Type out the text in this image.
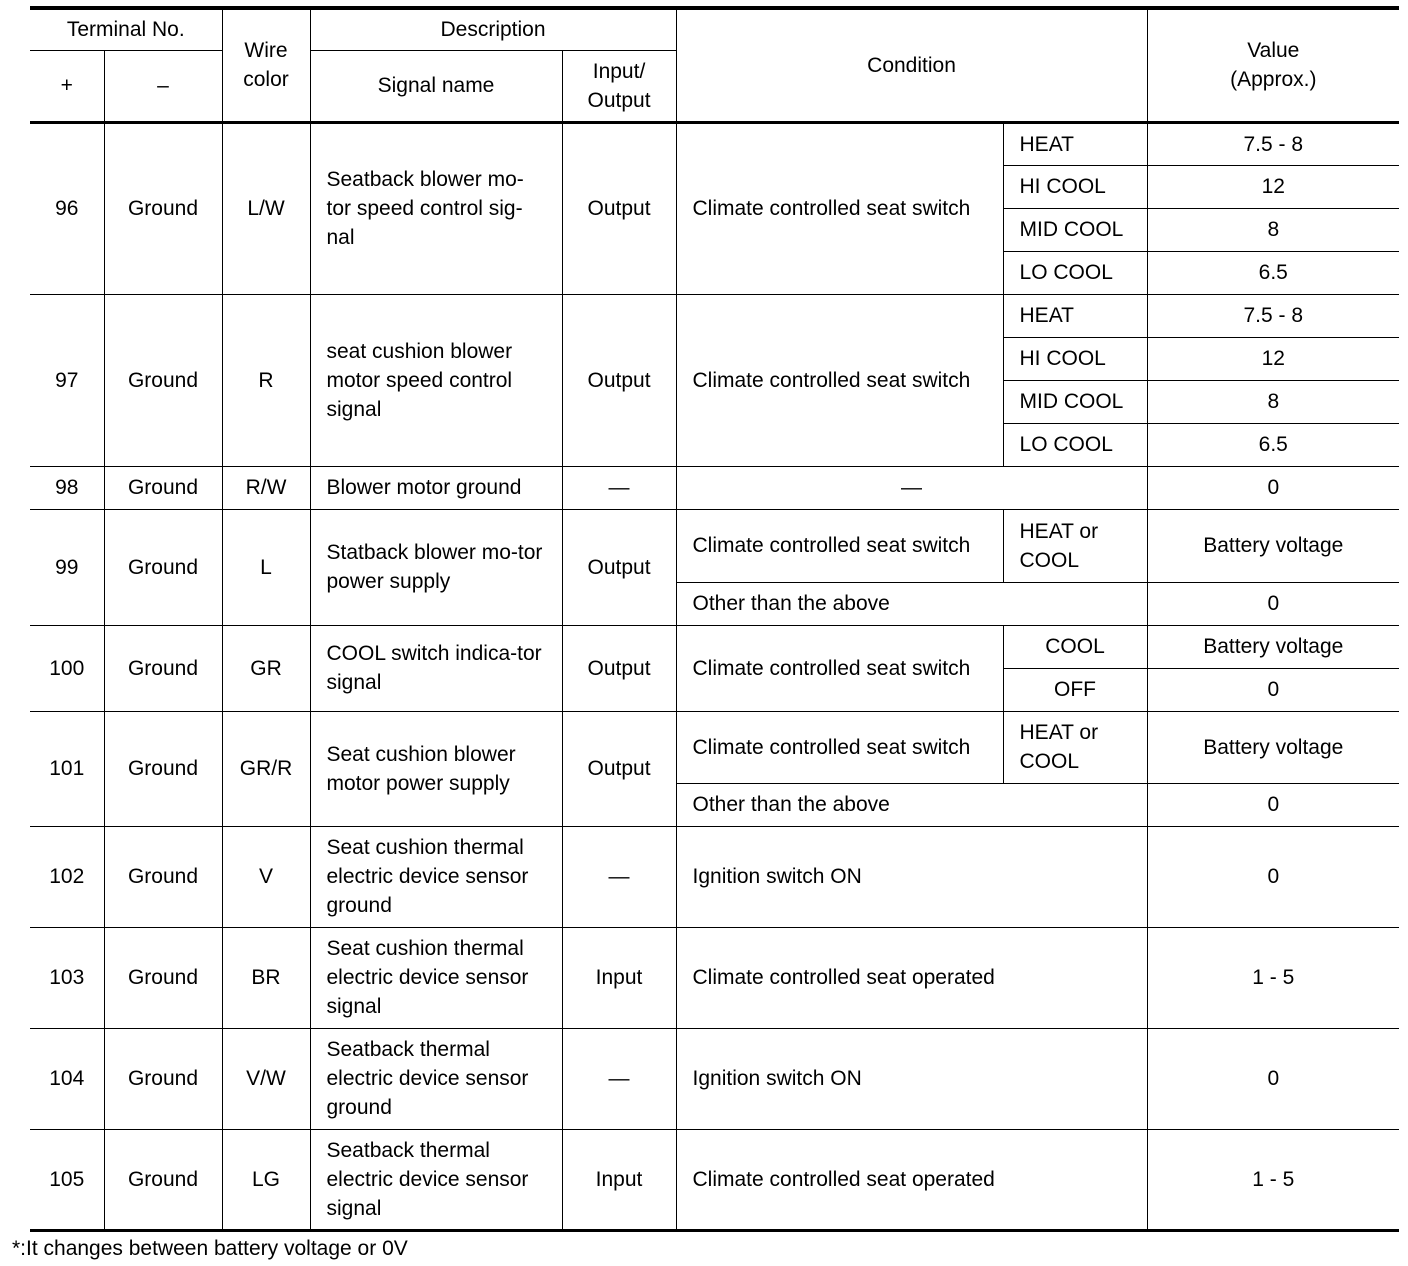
Terminal No.		Wire color	Description		Condition		Value (Approx.)
+	–		Signal name	Input/ Output			
96	Ground	L/W	Seatback blower mo-tor speed control sig-nal	Output	Climate controlled seat switch	HEAT	7.5 - 8
						HI COOL	12
						MID COOL	8
						LO COOL	6.5
97	Ground	R	seat cushion blower motor speed control signal	Output	Climate controlled seat switch	HEAT	7.5 - 8
						HI COOL	12
						MID COOL	8
						LO COOL	6.5
98	Ground	R/W	Blower motor ground	—	—		0
99	Ground	L	Statback blower mo-tor power supply	Output	Climate controlled seat switch	HEAT or COOL	Battery voltage
					Other than the above		0
100	Ground	GR	COOL switch indica-tor signal	Output	Climate controlled seat switch	COOL	Battery voltage
						OFF	0
101	Ground	GR/R	Seat cushion blower motor power supply	Output	Climate controlled seat switch	HEAT or COOL	Battery voltage
					Other than the above		0
102	Ground	V	Seat cushion thermal electric device sensor ground	—	Ignition switch ON		0
103	Ground	BR	Seat cushion thermal electric device sensor signal	Input	Climate controlled seat operated		1 - 5
104	Ground	V/W	Seatback thermal electric device sensor ground	—	Ignition switch ON		0
105	Ground	LG	Seatback thermal electric device sensor signal	Input	Climate controlled seat operated		1 - 5
*:It changes between battery voltage or 0V
